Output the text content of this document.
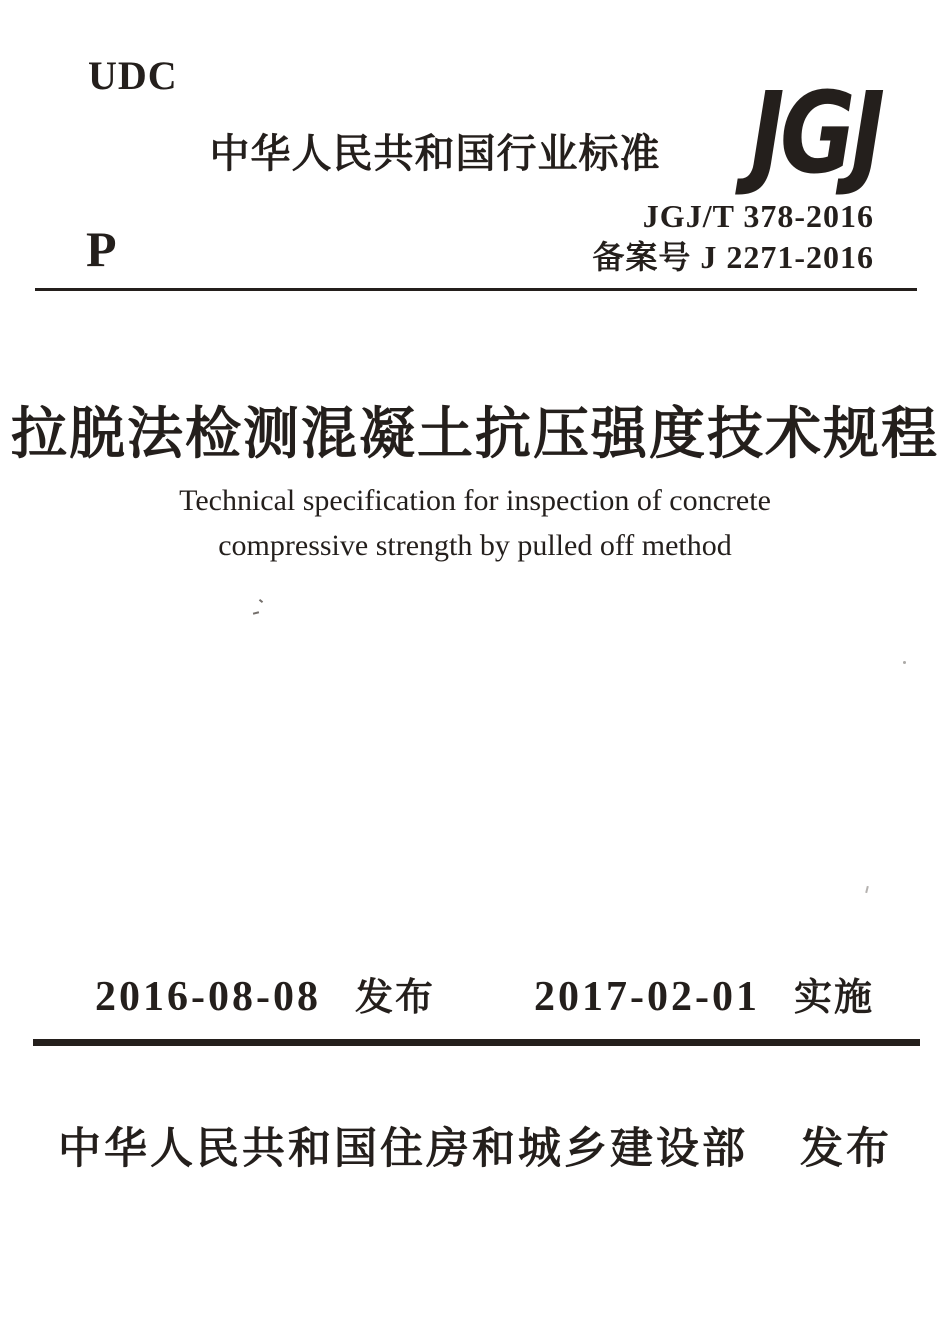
UDC
中华人民共和国行业标准 JGJ
JGJ/T 378-2016
备案号 J 2271-2016
P
拉脱法检测混凝土抗压强度技术规程
Technical specification for inspection of concrete
compressive strength by pulled off method
2016-08-08 发布 2017-02-01 实施
中华人民共和国住房和城乡建设部 发布
